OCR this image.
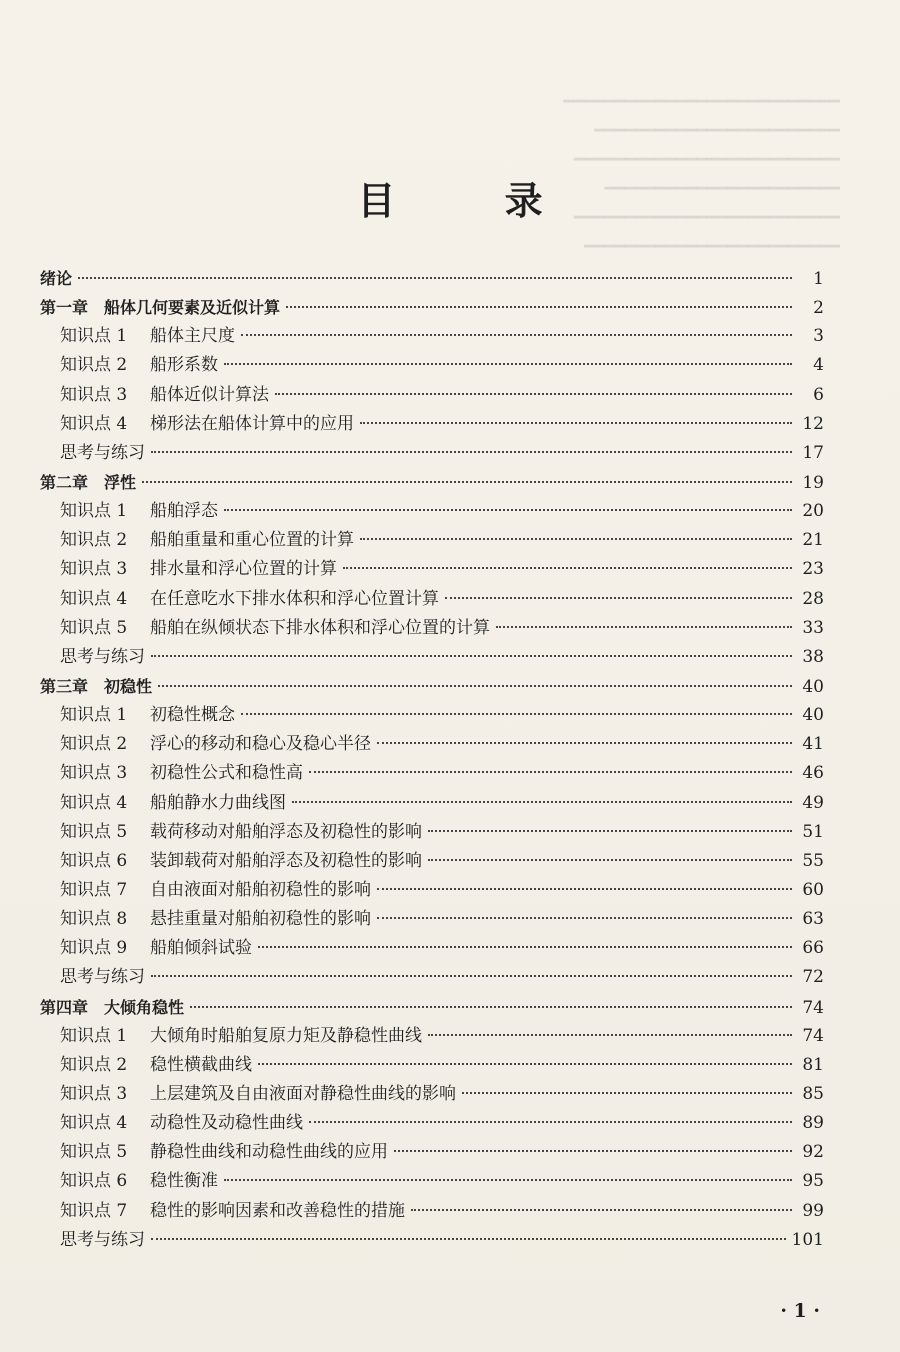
━━━━━━━━━━━━━━━━━━━━━━━━━━━
━━━━━━━━━━━━━━━━━━━━━━━━
━━━━━━━━━━━━━━━━━━━━━━━━━━
━━━━━━━━━━━━━━━━━━━━━━━
━━━━━━━━━━━━━━━━━━━━━━━━━━
━━━━━━━━━━━━━━━━━━━━━━━━━
目 录
绪论	1
第一章 船体几何要素及近似计算	2
知识点 1	船体主尺度	3
知识点 2	船形系数	4
知识点 3	船体近似计算法	6
知识点 4	梯形法在船体计算中的应用	12
思考与练习	17
第二章 浮性	19
知识点 1	船舶浮态	20
知识点 2	船舶重量和重心位置的计算	21
知识点 3	排水量和浮心位置的计算	23
知识点 4	在任意吃水下排水体积和浮心位置计算	28
知识点 5	船舶在纵倾状态下排水体积和浮心位置的计算	33
思考与练习	38
第三章 初稳性	40
知识点 1	初稳性概念	40
知识点 2	浮心的移动和稳心及稳心半径	41
知识点 3	初稳性公式和稳性高	46
知识点 4	船舶静水力曲线图	49
知识点 5	载荷移动对船舶浮态及初稳性的影响	51
知识点 6	装卸载荷对船舶浮态及初稳性的影响	55
知识点 7	自由液面对船舶初稳性的影响	60
知识点 8	悬挂重量对船舶初稳性的影响	63
知识点 9	船舶倾斜试验	66
思考与练习	72
第四章 大倾角稳性	74
知识点 1	大倾角时船舶复原力矩及静稳性曲线	74
知识点 2	稳性横截曲线	81
知识点 3	上层建筑及自由液面对静稳性曲线的影响	85
知识点 4	动稳性及动稳性曲线	89
知识点 5	静稳性曲线和动稳性曲线的应用	92
知识点 6	稳性衡准	95
知识点 7	稳性的影响因素和改善稳性的措施	99
思考与练习	101
· 1 ·
